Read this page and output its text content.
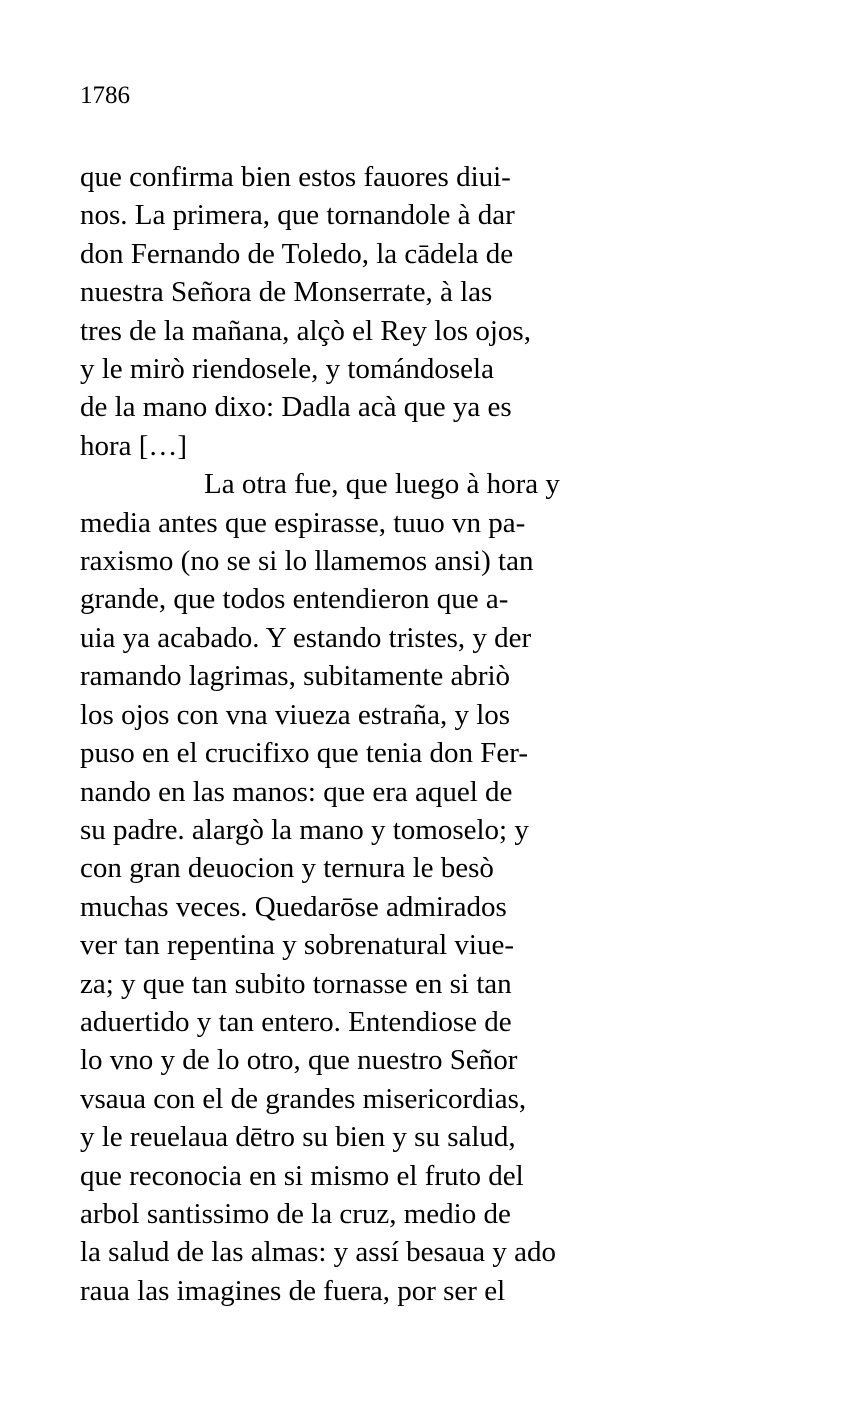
1786

que confirma bien estos fauores diui-
nos. La primera, que tornandole à dar
don Fernando de Toledo, la cādela de
nuestra Señora de Monserrate, à las
tres de la mañana, alçò el Rey los ojos,
y le mirò riendosele, y tomándosela
de la mano dixo: Dadla acà que ya es
hora […]
La otra fue, que luego à hora y
media antes que espirasse, tuuo vn pa-
raxismo (no se si lo llamemos ansi) tan
grande, que todos entendieron que a-
uia ya acabado. Y estando tristes, y der
ramando lagrimas, subitamente abriò
los ojos con vna viueza estraña, y los
puso en el crucifixo que tenia don Fer-
nando en las manos: que era aquel de
su padre. alargò la mano y tomoselo; y
con gran deuocion y ternura le besò
muchas veces. Quedarōse admirados
ver tan repentina y sobrenatural viue-
za; y que tan subito tornasse en si tan
aduertido y tan entero. Entendiose de
lo vno y de lo otro, que nuestro Señor
vsaua con el de grandes misericordias,
y le reuelaua dētro su bien y su salud,
que reconocia en si mismo el fruto del
arbol santissimo de la cruz, medio de
la salud de las almas: y assí besaua y ado
raua las imagines de fuera, por ser el
